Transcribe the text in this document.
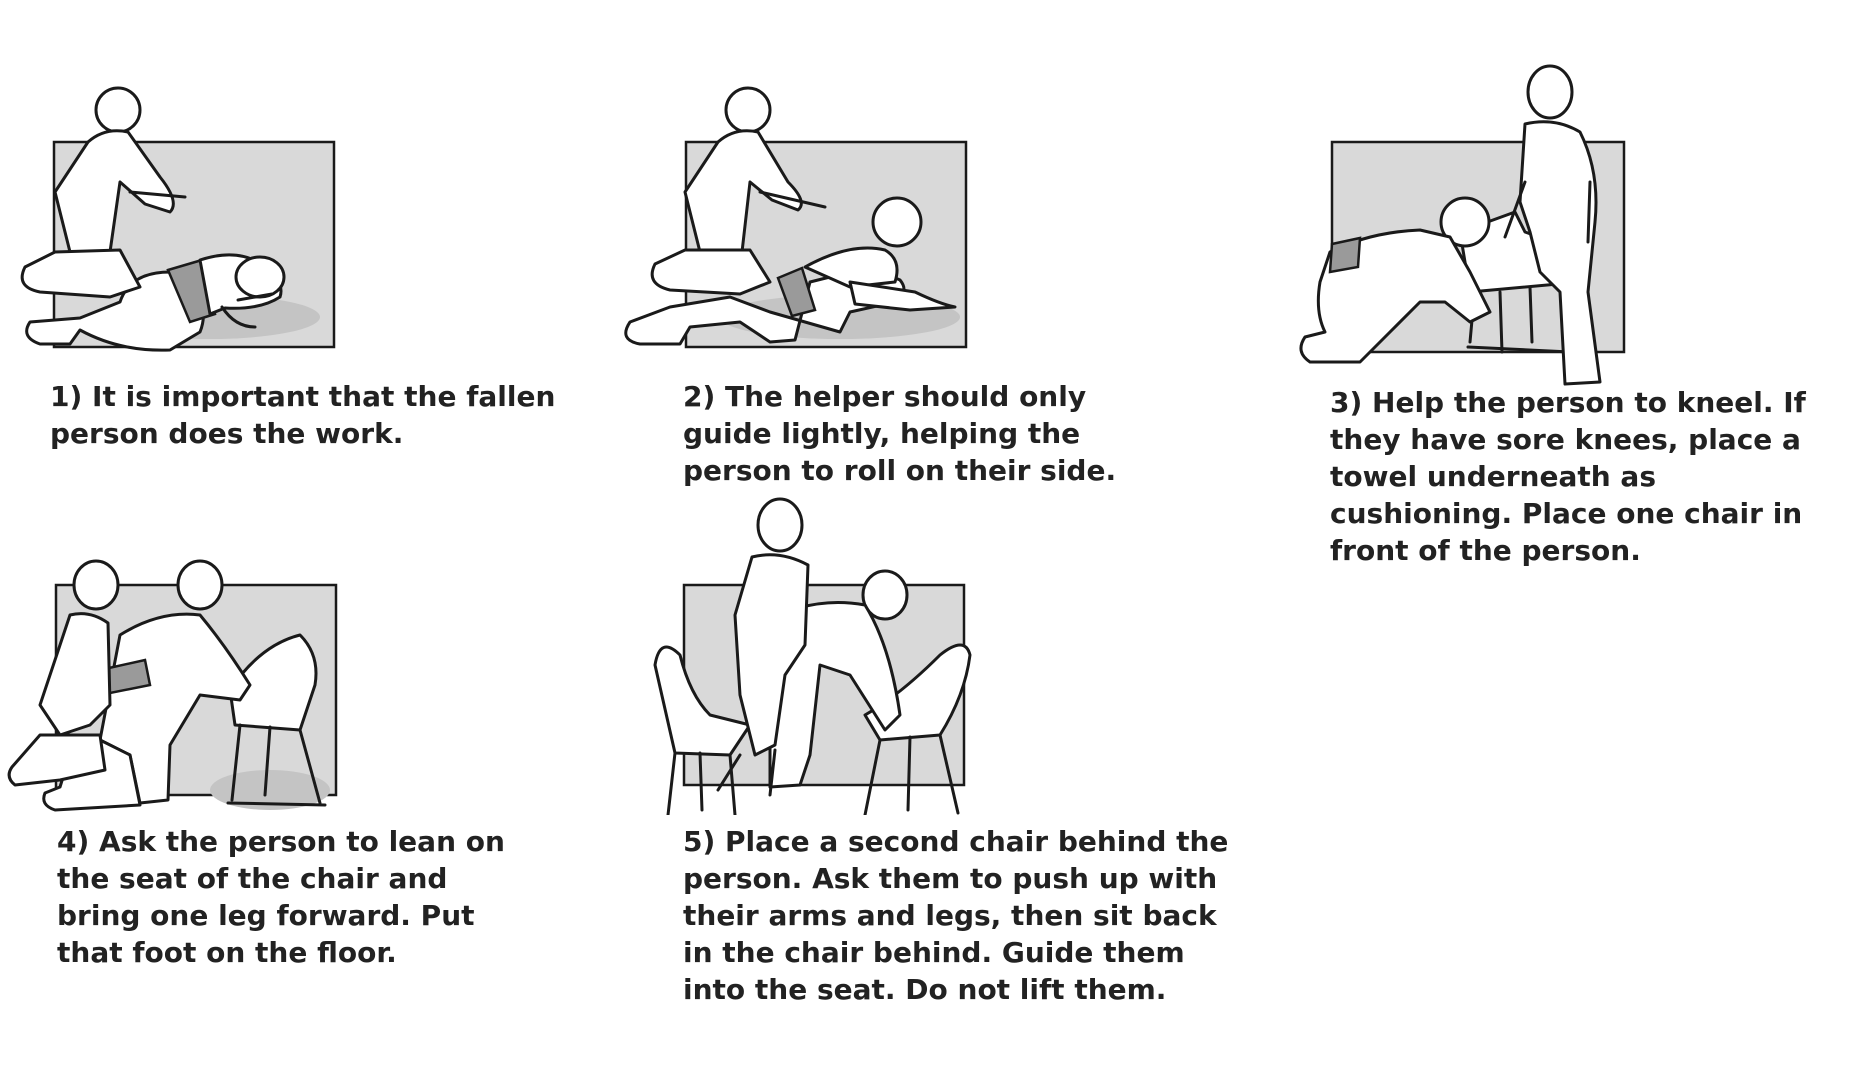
1) It is important that the fallen person does the work.

2) The helper should only guide lightly, helping the person to roll on their side.

3) Help the person to kneel. If they have sore knees, place a towel underneath as cushioning. Place one chair in front of the person.

4) Ask the person to lean on the seat of the chair and bring one leg forward. Put that foot on the floor.

5) Place a second chair behind the person. Ask them to push up with their arms and legs, then sit back in the chair behind. Guide them into the seat. Do not lift them.
